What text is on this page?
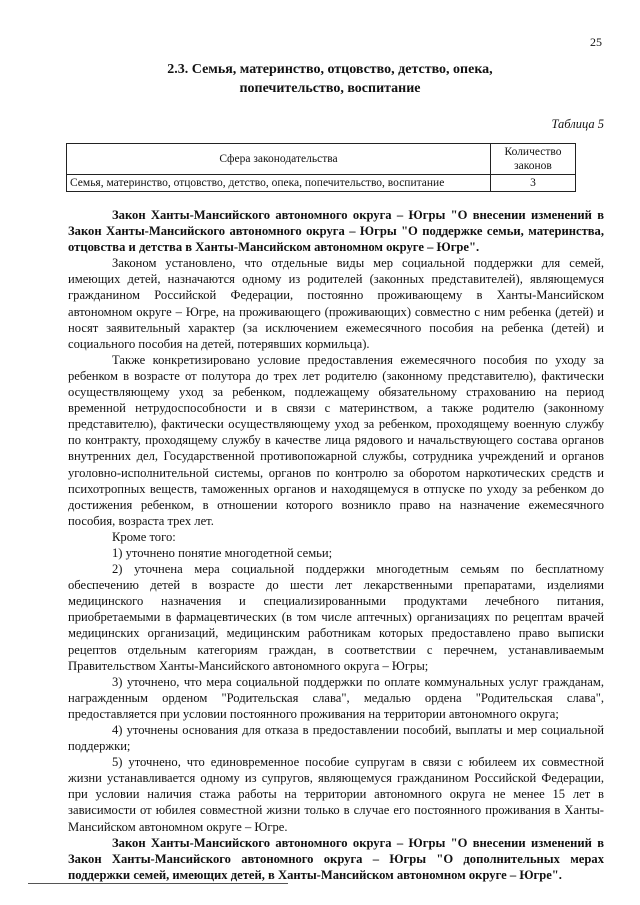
25
2.3. Семья, материнство, отцовство, детство, опека,
попечительство, воспитание
Таблица 5
Сфера законодательства	Количество законов
Семья, материнство, отцовство, детство, опека, попечительство, воспитание	3

Закон Ханты-Мансийского автономного округа – Югры "О внесении изменений в Закон Ханты-Мансийского автономного округа – Югры "О поддержке семьи, материнства, отцовства и детства в Ханты-Мансийском автономном округе – Югре".

Законом установлено, что отдельные виды мер социальной поддержки для семей, имеющих детей, назначаются одному из родителей (законных представителей), являющемуся гражданином Российской Федерации, постоянно проживающему в Ханты-Мансийском автономном округе – Югре, на проживающего (проживающих) совместно с ним ребенка (детей) и носят заявительный характер (за исключением ежемесячного пособия на ребенка (детей) и социального пособия на детей, потерявших кормильца).

Также конкретизировано условие предоставления ежемесячного пособия по уходу за ребенком в возрасте от полутора до трех лет родителю (законному представителю), фактически осуществляющему уход за ребенком, подлежащему обязательному страхованию на период временной нетрудоспособности и в связи с материнством, а также родителю (законному представителю), фактически осуществляющему уход за ребенком, проходящему военную службу по контракту, проходящему службу в качестве лица рядового и начальствующего состава органов внутренних дел, Государственной противопожарной службы, сотрудника учреждений и органов уголовно-исполнительной системы, органов по контролю за оборотом наркотических средств и психотропных веществ, таможенных органов и находящемуся в отпуске по уходу за ребенком до достижения ребенком, в отношении которого возникло право на назначение ежемесячного пособия, возраста трех лет.

Кроме того:

1) уточнено понятие многодетной семьи;

2) уточнена мера социальной поддержки многодетным семьям по бесплатному обеспечению детей в возрасте до шести лет лекарственными препаратами, изделиями медицинского назначения и специализированными продуктами лечебного питания, приобретаемыми в фармацевтических (в том числе аптечных) организациях по рецептам врачей медицинских организаций, медицинским работникам которых предоставлено право выписки рецептов отдельным категориям граждан, в соответствии с перечнем, устанавливаемым Правительством Ханты-Мансийского автономного округа – Югры;

3) уточнено, что мера социальной поддержки по оплате коммунальных услуг гражданам, награжденным орденом "Родительская слава", медалью ордена "Родительская слава", предоставляется при условии постоянного проживания на территории автономного округа;

4) уточнены основания для отказа в предоставлении пособий, выплаты и мер социальной поддержки;

5) уточнено, что единовременное пособие супругам в связи с юбилеем их совместной жизни устанавливается одному из супругов, являющемуся гражданином Российской Федерации, при условии наличия стажа работы на территории автономного округа не менее 15 лет в зависимости от юбилея совместной жизни только в случае его постоянного проживания в Ханты-Мансийском автономном округе – Югре.

Закон Ханты-Мансийского автономного округа – Югры "О внесении изменений в Закон Ханты-Мансийского автономного округа – Югры "О дополнительных мерах поддержки семей, имеющих детей, в Ханты-Мансийском автономном округе – Югре".
